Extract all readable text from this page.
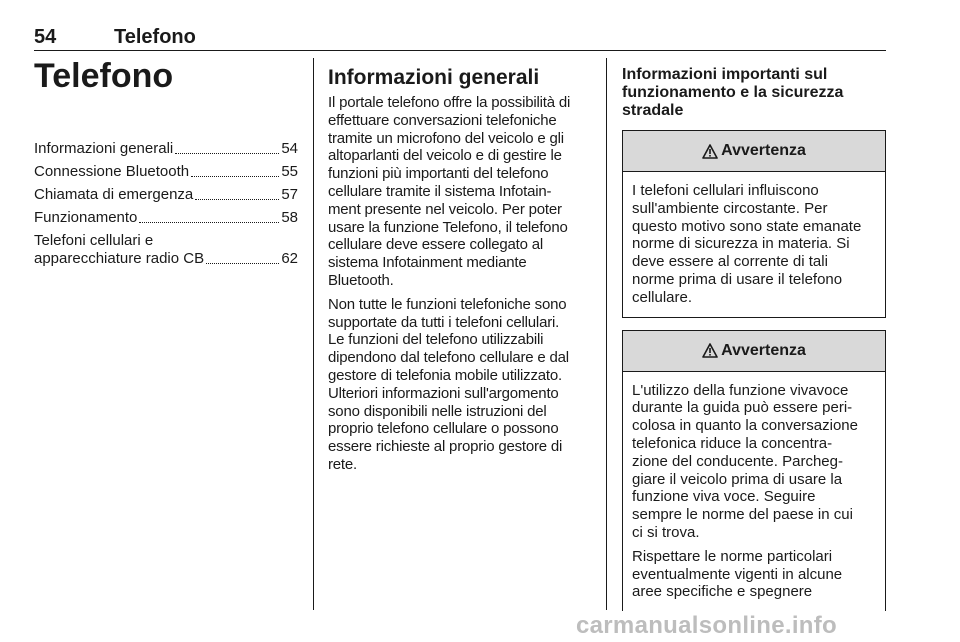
54	Telefono
Telefono
Informazioni generali	54
Connessione Bluetooth	55
Chiamata di emergenza	57
Funzionamento	58
Telefoni cellulari e
apparecchiature radio CB	62
Informazioni generali

Il portale telefono offre la possibilità di
effettuare conversazioni telefoniche
tramite un microfono del veicolo e gli
altoparlanti del veicolo e di gestire le
funzioni più importanti del telefono
cellulare tramite il sistema Infotain-
ment presente nel veicolo. Per poter
usare la funzione Telefono, il telefono
cellulare deve essere collegato al
sistema Infotainment mediante
Bluetooth.

Non tutte le funzioni telefoniche sono
supportate da tutti i telefoni cellulari.
Le funzioni del telefono utilizzabili
dipendono dal telefono cellulare e dal
gestore di telefonia mobile utilizzato.
Ulteriori informazioni sull'argomento
sono disponibili nelle istruzioni del
proprio telefono cellulare o possono
essere richieste al proprio gestore di
rete.

Informazioni importanti sul
funzionamento e la sicurezza
stradale
Avvertenza

I telefoni cellulari influiscono
sull'ambiente circostante. Per
questo motivo sono state emanate
norme di sicurezza in materia. Si
deve essere al corrente di tali
norme prima di usare il telefono
cellulare.

Avvertenza

L'utilizzo della funzione vivavoce
durante la guida può essere peri-
colosa in quanto la conversazione
telefonica riduce la concentra-
zione del conducente. Parcheg-
giare il veicolo prima di usare la
funzione viva voce. Seguire
sempre le norme del paese in cui
ci si trova.

Rispettare le norme particolari
eventualmente vigenti in alcune
aree specifiche e spegnere

carmanualsonline.info
